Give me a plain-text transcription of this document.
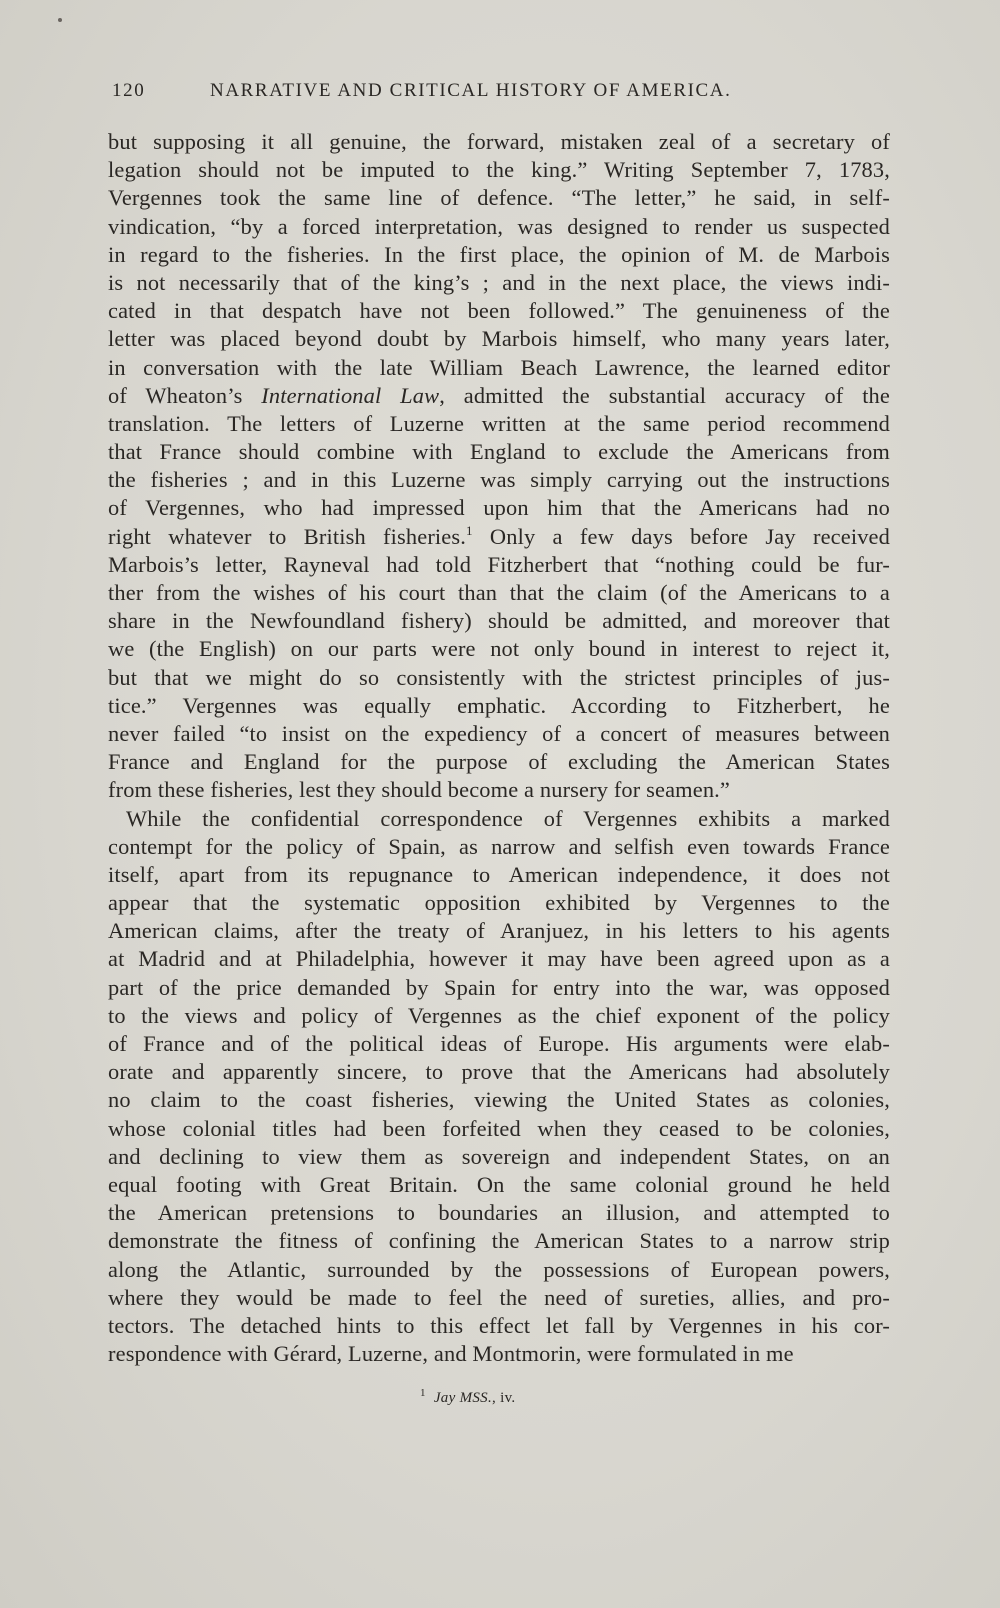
120	NARRATIVE AND CRITICAL HISTORY OF AMERICA.
but supposing it all genuine, the forward, mistaken zeal of a secretary of
legation should not be imputed to the king.” Writing September 7, 1783,
Vergennes took the same line of defence. “The letter,” he said, in self-
vindication, “by a forced interpretation, was designed to render us suspected
in regard to the fisheries. In the first place, the opinion of M. de Marbois
is not necessarily that of the king’s ; and in the next place, the views indi-
cated in that despatch have not been followed.” The genuineness of the
letter was placed beyond doubt by Marbois himself, who many years later,
in conversation with the late William Beach Lawrence, the learned editor
of Wheaton’s International Law, admitted the substantial accuracy of the
translation. The letters of Luzerne written at the same period recommend
that France should combine with England to exclude the Americans from
the fisheries ; and in this Luzerne was simply carrying out the instructions
of Vergennes, who had impressed upon him that the Americans had no
right whatever to British fisheries.$^1$ Only a few days before Jay received
Marbois’s letter, Rayneval had told Fitzherbert that “nothing could be fur-
ther from the wishes of his court than that the claim (of the Americans to a
share in the Newfoundland fishery) should be admitted, and moreover that
we (the English) on our parts were not only bound in interest to reject it,
but that we might do so consistently with the strictest principles of jus-
tice.” Vergennes was equally emphatic. According to Fitzherbert, he
never failed “to insist on the expediency of a concert of measures between
France and England for the purpose of excluding the American States
from these fisheries, lest they should become a nursery for seamen.”
While the confidential correspondence of Vergennes exhibits a marked
contempt for the policy of Spain, as narrow and selfish even towards France
itself, apart from its repugnance to American independence, it does not
appear that the systematic opposition exhibited by Vergennes to the
American claims, after the treaty of Aranjuez, in his letters to his agents
at Madrid and at Philadelphia, however it may have been agreed upon as a
part of the price demanded by Spain for entry into the war, was opposed
to the views and policy of Vergennes as the chief exponent of the policy
of France and of the political ideas of Europe. His arguments were elab-
orate and apparently sincere, to prove that the Americans had absolutely
no claim to the coast fisheries, viewing the United States as colonies,
whose colonial titles had been forfeited when they ceased to be colonies,
and declining to view them as sovereign and independent States, on an
equal footing with Great Britain. On the same colonial ground he held
the American pretensions to boundaries an illusion, and attempted to
demonstrate the fitness of confining the American States to a narrow strip
along the Atlantic, surrounded by the possessions of European powers,
where they would be made to feel the need of sureties, allies, and pro-
tectors. The detached hints to this effect let fall by Vergennes in his cor-
respondence with Gérard, Luzerne, and Montmorin, were formulated in me
$^1$ Jay MSS., iv.
